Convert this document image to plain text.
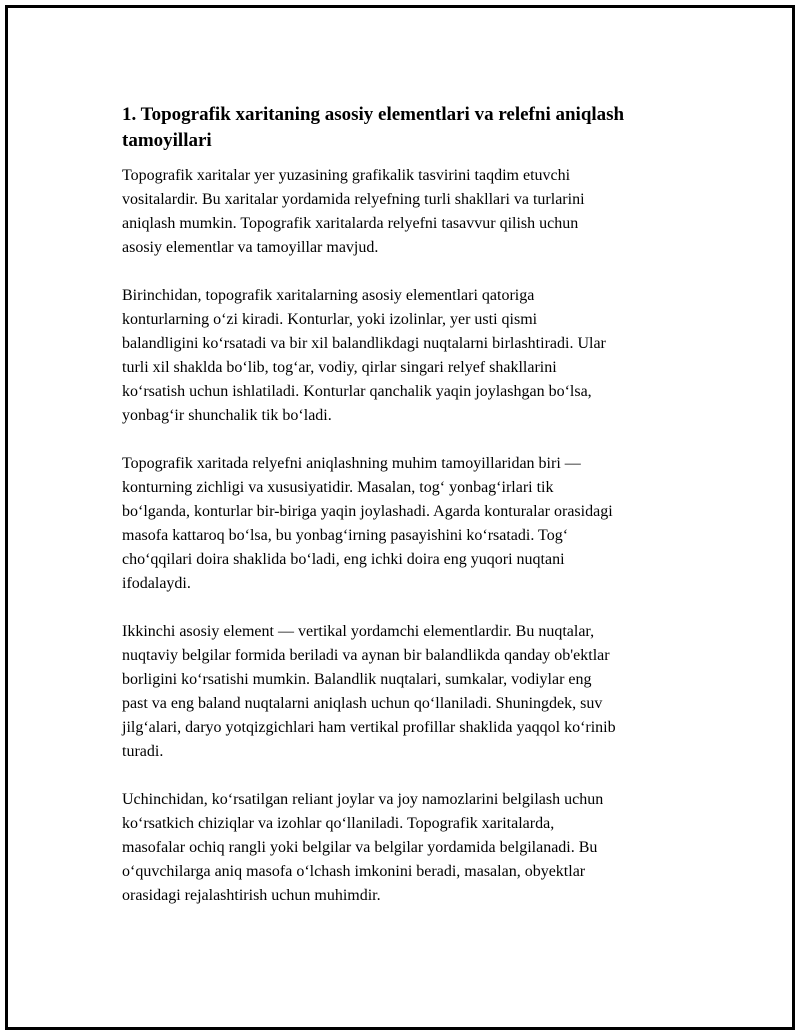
1. Topografik xaritaning asosiy elementlari va relefni aniqlash
tamoyillari

Topografik xaritalar yer yuzasining grafikalik tasvirini taqdim etuvchi
vositalardir. Bu xaritalar yordamida relyefning turli shakllari va turlarini
aniqlash mumkin. Topografik xaritalarda relyefni tasavvur qilish uchun
asosiy elementlar va tamoyillar mavjud.

Birinchidan, topografik xaritalarning asosiy elementlari qatoriga
konturlarning o‘zi kiradi. Konturlar, yoki izolinlar, yer usti qismi
balandligini ko‘rsatadi va bir xil balandlikdagi nuqtalarni birlashtiradi. Ular
turli xil shaklda bo‘lib, tog‘ar, vodiy, qirlar singari relyef shakllarini
ko‘rsatish uchun ishlatiladi. Konturlar qanchalik yaqin joylashgan bo‘lsa,
yonbag‘ir shunchalik tik bo‘ladi.

Topografik xaritada relyefni aniqlashning muhim tamoyillaridan biri —
konturning zichligi va xususiyatidir. Masalan, tog‘ yonbag‘irlari tik
bo‘lganda, konturlar bir-biriga yaqin joylashadi. Agarda konturalar orasidagi
masofa kattaroq bo‘lsa, bu yonbag‘irning pasayishini ko‘rsatadi. Tog‘
cho‘qqilari doira shaklida bo‘ladi, eng ichki doira eng yuqori nuqtani
ifodalaydi.

Ikkinchi asosiy element — vertikal yordamchi elementlardir. Bu nuqtalar,
nuqtaviy belgilar formida beriladi va aynan bir balandlikda qanday ob'ektlar
borligini ko‘rsatishi mumkin. Balandlik nuqtalari, sumkalar, vodiylar eng
past va eng baland nuqtalarni aniqlash uchun qo‘llaniladi. Shuningdek, suv
jilg‘alari, daryo yotqizgichlari ham vertikal profillar shaklida yaqqol ko‘rinib
turadi.

Uchinchidan, ko‘rsatilgan reliant joylar va joy namozlarini belgilash uchun
ko‘rsatkich chiziqlar va izohlar qo‘llaniladi. Topografik xaritalarda,
masofalar ochiq rangli yoki belgilar va belgilar yordamida belgilanadi. Bu
o‘quvchilarga aniq masofa o‘lchash imkonini beradi, masalan, obyektlar
orasidagi rejalashtirish uchun muhimdir.
